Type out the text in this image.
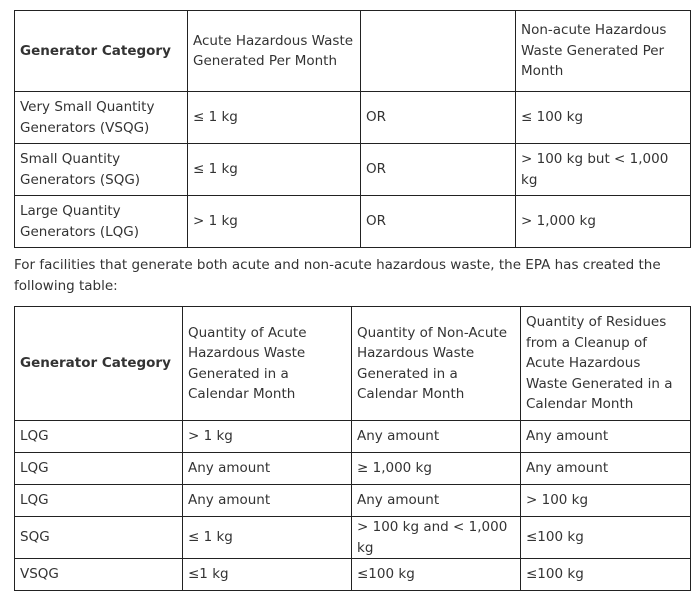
Generator Category	Acute Hazardous Waste Generated Per Month		Non-acute Hazardous Waste Generated Per Month
Very Small Quantity Generators (VSQG)	≤ 1 kg	OR	≤ 100 kg
Small Quantity Generators (SQG)	≤ 1 kg	OR	> 100 kg but < 1,000 kg
Large Quantity Generators (LQG)	> 1 kg	OR	> 1,000 kg

For facilities that generate both acute and non-acute hazardous waste, the EPA has created the following table:

Generator Category	Quantity of Acute Hazardous Waste Generated in a Calendar Month	Quantity of Non-Acute Hazardous Waste Generated in a Calendar Month	Quantity of Residues from a Cleanup of Acute Hazardous Waste Generated in a Calendar Month
LQG	> 1 kg	Any amount	Any amount
LQG	Any amount	≥ 1,000 kg	Any amount
LQG	Any amount	Any amount	> 100 kg
SQG	≤ 1 kg	> 100 kg and < 1,000 kg	≤100 kg
VSQG	≤1 kg	≤100 kg	≤100 kg
